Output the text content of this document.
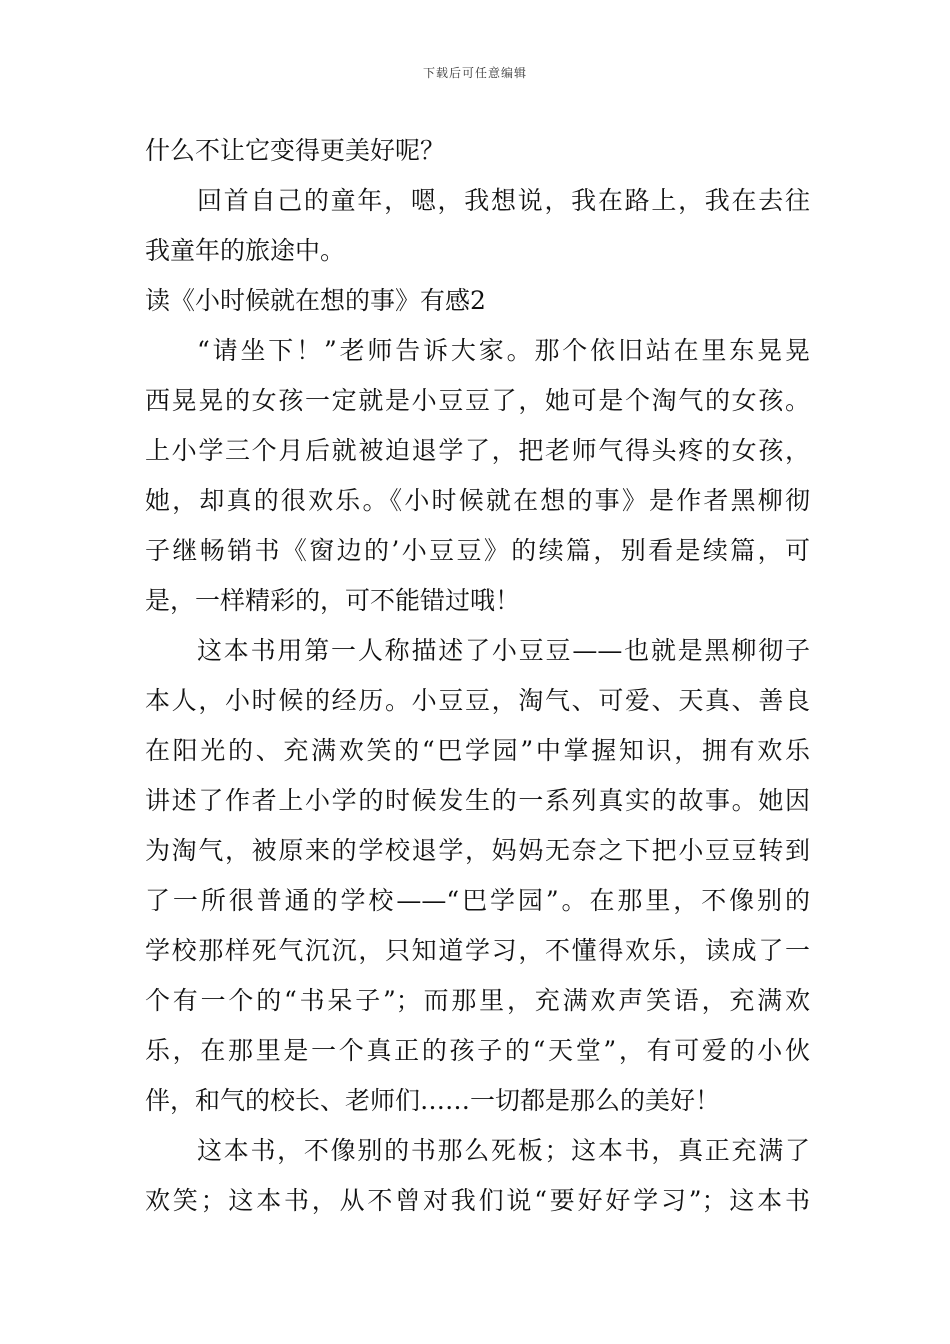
下载后可任意编辑
什么不让它变得更美好呢？
回首自己的童年，嗯，我想说，我在路上，我在去往
我童年的旅途中。
读《小时候就在想的事》有感2
“请坐下！”老师告诉大家。那个依旧站在里东晃晃
西晃晃的女孩一定就是小豆豆了，她可是个淘气的女孩。
上小学三个月后就被迫退学了，把老师气得头疼的女孩，
她，却真的很欢乐。《小时候就在想的事》是作者黑柳彻
子继畅销书《窗边的’小豆豆》的续篇，别看是续篇，可
是，一样精彩的，可不能错过哦！
这本书用第一人称描述了小豆豆——也就是黑柳彻子
本人，小时候的经历。小豆豆，淘气、可爱、天真、善良
在阳光的、充满欢笑的“巴学园”中掌握知识，拥有欢乐
讲述了作者上小学的时候发生的一系列真实的故事。她因
为淘气，被原来的学校退学，妈妈无奈之下把小豆豆转到
了一所很普通的学校——“巴学园”。在那里，不像别的
学校那样死气沉沉，只知道学习，不懂得欢乐，读成了一
个有一个的“书呆子”；而那里，充满欢声笑语，充满欢
乐，在那里是一个真正的孩子的“天堂”，有可爱的小伙
伴，和气的校长、老师们……一切都是那么的美好！
这本书，不像别的书那么死板；这本书，真正充满了
欢笑；这本书，从不曾对我们说“要好好学习”；这本书
